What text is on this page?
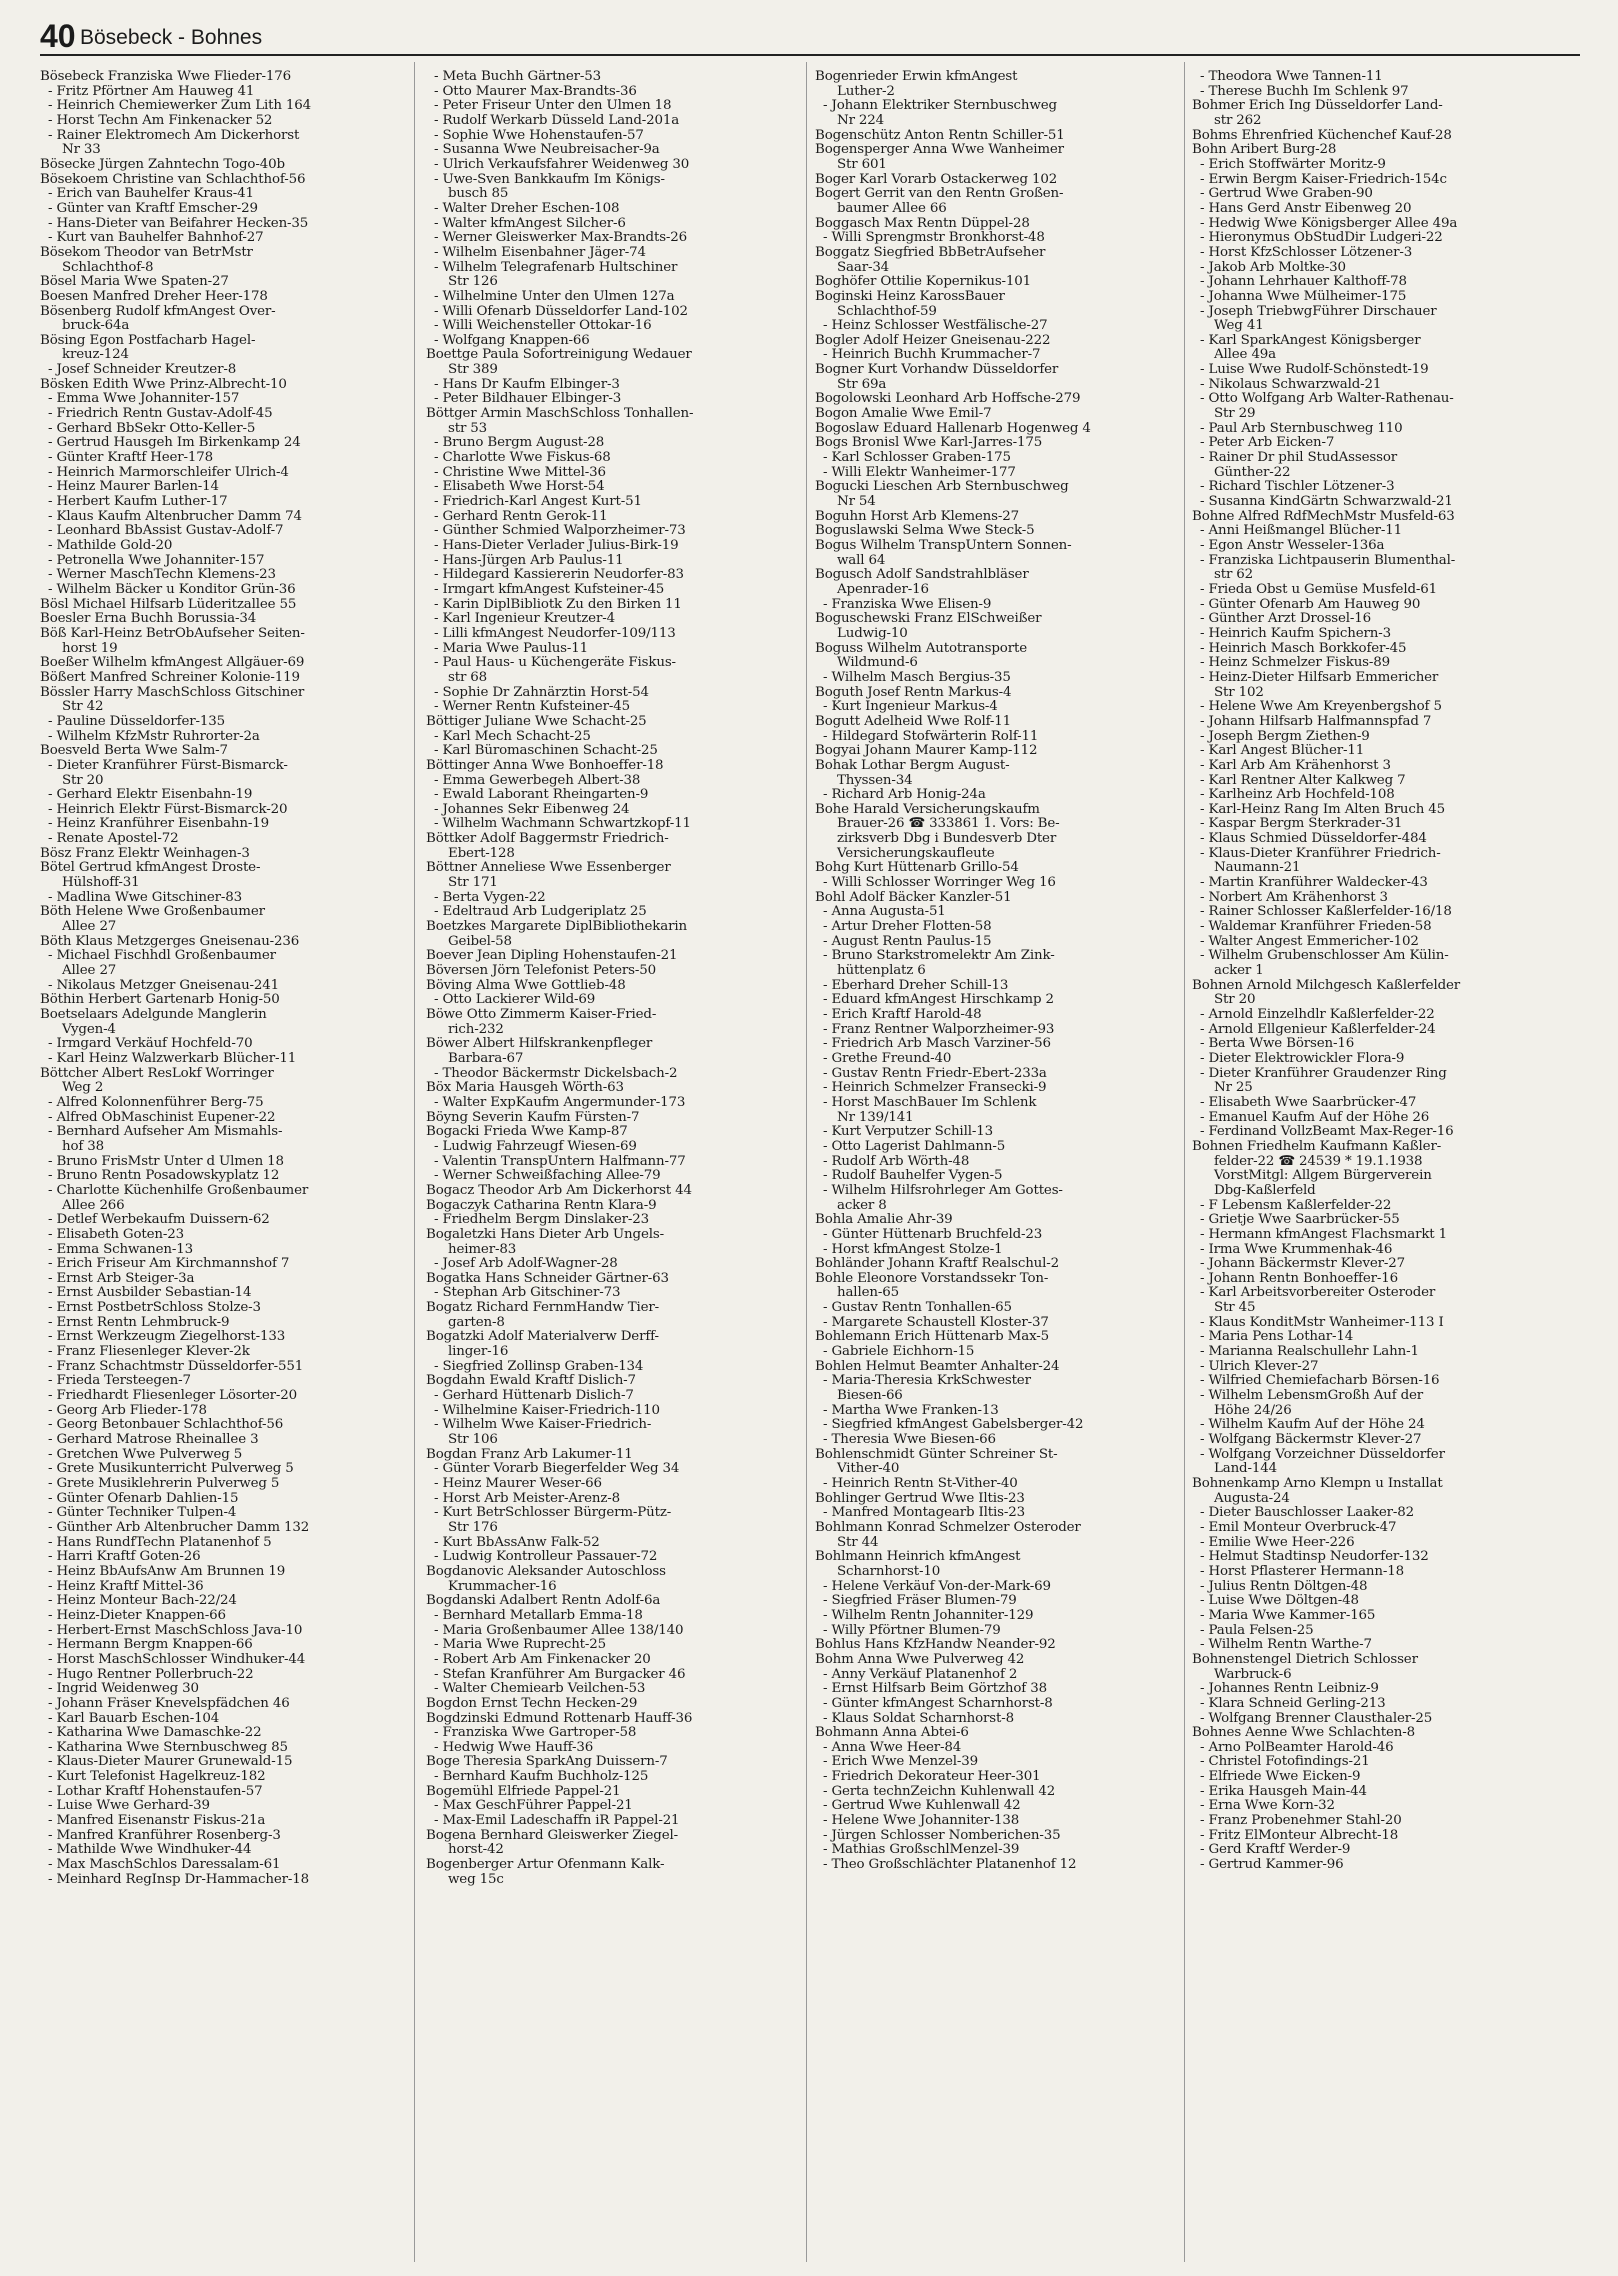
40 Bösebeck - Bohnes

Bösebeck Franziska Wwe Flieder-176

- Fritz Pförtner Am Hauweg 41

- Heinrich Chemiewerker Zum Lith 164

- Horst Techn Am Finkenacker 52

- Rainer Elektromech Am Dickerhorst

Nr 33

Bösecke Jürgen Zahntechn Togo-40b

Bösekoem Christine van Schlachthof-56

- Erich van Bauhelfer Kraus-41

- Günter van Kraftf Emscher-29

- Hans-Dieter van Beifahrer Hecken-35

- Kurt van Bauhelfer Bahnhof-27

Bösekom Theodor van BetrMstr

Schlachthof-8

Bösel Maria Wwe Spaten-27

Boesen Manfred Dreher Heer-178

Bösenberg Rudolf kfmAngest Over-

bruck-64a

Bösing Egon Postfacharb Hagel-

kreuz-124

- Josef Schneider Kreutzer-8

Bösken Edith Wwe Prinz-Albrecht-10

- Emma Wwe Johanniter-157

- Friedrich Rentn Gustav-Adolf-45

- Gerhard BbSekr Otto-Keller-5

- Gertrud Hausgeh Im Birkenkamp 24

- Günter Kraftf Heer-178

- Heinrich Marmorschleifer Ulrich-4

- Heinz Maurer Barlen-14

- Herbert Kaufm Luther-17

- Klaus Kaufm Altenbrucher Damm 74

- Leonhard BbAssist Gustav-Adolf-7

- Mathilde Gold-20

- Petronella Wwe Johanniter-157

- Werner MaschTechn Klemens-23

- Wilhelm Bäcker u Konditor Grün-36

Bösl Michael Hilfsarb Lüderitzallee 55

Boesler Erna Buchh Borussia-34

Böß Karl-Heinz BetrObAufseher Seiten-

horst 19

Boeßer Wilhelm kfmAngest Allgäuer-69

Bößert Manfred Schreiner Kolonie-119

Bössler Harry MaschSchloss Gitschiner

Str 42

- Pauline Düsseldorfer-135

- Wilhelm KfzMstr Ruhrorter-2a

Boesveld Berta Wwe Salm-7

- Dieter Kranführer Fürst-Bismarck-

Str 20

- Gerhard Elektr Eisenbahn-19

- Heinrich Elektr Fürst-Bismarck-20

- Heinz Kranführer Eisenbahn-19

- Renate Apostel-72

Bösz Franz Elektr Weinhagen-3

Bötel Gertrud kfmAngest Droste-

Hülshoff-31

- Madlina Wwe Gitschiner-83

Böth Helene Wwe Großenbaumer

Allee 27

Böth Klaus Metzgerges Gneisenau-236

- Michael Fischhdl Großenbaumer

Allee 27

- Nikolaus Metzger Gneisenau-241

Böthin Herbert Gartenarb Honig-50

Boetselaars Adelgunde Manglerin

Vygen-4

- Irmgard Verkäuf Hochfeld-70

- Karl Heinz Walzwerkarb Blücher-11

Böttcher Albert ResLokf Worringer

Weg 2

- Alfred Kolonnenführer Berg-75

- Alfred ObMaschinist Eupener-22

- Bernhard Aufseher Am Mismahls-

hof 38

- Bruno FrisMstr Unter d Ulmen 18

- Bruno Rentn Posadowskyplatz 12

- Charlotte Küchenhilfe Großenbaumer

Allee 266

- Detlef Werbekaufm Duissern-62

- Elisabeth Goten-23

- Emma Schwanen-13

- Erich Friseur Am Kirchmannshof 7

- Ernst Arb Steiger-3a

- Ernst Ausbilder Sebastian-14

- Ernst PostbetrSchloss Stolze-3

- Ernst Rentn Lehmbruck-9

- Ernst Werkzeugm Ziegelhorst-133

- Franz Fliesenleger Klever-2k

- Franz Schachtmstr Düsseldorfer-551

- Frieda Tersteegen-7

- Friedhardt Fliesenleger Lösorter-20

- Georg Arb Flieder-178

- Georg Betonbauer Schlachthof-56

- Gerhard Matrose Rheinallee 3

- Gretchen Wwe Pulverweg 5

- Grete Musikunterricht Pulverweg 5

- Grete Musiklehrerin Pulverweg 5

- Günter Ofenarb Dahlien-15

- Günter Techniker Tulpen-4

- Günther Arb Altenbrucher Damm 132

- Hans RundfTechn Platanenhof 5

- Harri Kraftf Goten-26

- Heinz BbAufsAnw Am Brunnen 19

- Heinz Kraftf Mittel-36

- Heinz Monteur Bach-22/24

- Heinz-Dieter Knappen-66

- Herbert-Ernst MaschSchloss Java-10

- Hermann Bergm Knappen-66

- Horst MaschSchlosser Windhuker-44

- Hugo Rentner Pollerbruch-22

- Ingrid Weidenweg 30

- Johann Fräser Knevelspfädchen 46

- Karl Bauarb Eschen-104

- Katharina Wwe Damaschke-22

- Katharina Wwe Sternbuschweg 85

- Klaus-Dieter Maurer Grunewald-15

- Kurt Telefonist Hagelkreuz-182

- Lothar Kraftf Hohenstaufen-57

- Luise Wwe Gerhard-39

- Manfred Eisenanstr Fiskus-21a

- Manfred Kranführer Rosenberg-3

- Mathilde Wwe Windhuker-44

- Max MaschSchlos Daressalam-61

- Meinhard RegInsp Dr-Hammacher-18

- Meta Buchh Gärtner-53

- Otto Maurer Max-Brandts-36

- Peter Friseur Unter den Ulmen 18

- Rudolf Werkarb Düsseld Land-201a

- Sophie Wwe Hohenstaufen-57

- Susanna Wwe Neubreisacher-9a

- Ulrich Verkaufsfahrer Weidenweg 30

- Uwe-Sven Bankkaufm Im Königs-

busch 85

- Walter Dreher Eschen-108

- Walter kfmAngest Silcher-6

- Werner Gleiswerker Max-Brandts-26

- Wilhelm Eisenbahner Jäger-74

- Wilhelm Telegrafenarb Hultschiner

Str 126

- Wilhelmine Unter den Ulmen 127a

- Willi Ofenarb Düsseldorfer Land-102

- Willi Weichensteller Ottokar-16

- Wolfgang Knappen-66

Boettge Paula Sofortreinigung Wedauer

Str 389

- Hans Dr Kaufm Elbinger-3

- Peter Bildhauer Elbinger-3

Böttger Armin MaschSchloss Tonhallen-

str 53

- Bruno Bergm August-28

- Charlotte Wwe Fiskus-68

- Christine Wwe Mittel-36

- Elisabeth Wwe Horst-54

- Friedrich-Karl Angest Kurt-51

- Gerhard Rentn Gerok-11

- Günther Schmied Walporzheimer-73

- Hans-Dieter Verlader Julius-Birk-19

- Hans-Jürgen Arb Paulus-11

- Hildegard Kassiererin Neudorfer-83

- Irmgart kfmAngest Kufsteiner-45

- Karin DiplBibliotk Zu den Birken 11

- Karl Ingenieur Kreutzer-4

- Lilli kfmAngest Neudorfer-109/113

- Maria Wwe Paulus-11

- Paul Haus- u Küchengeräte Fiskus-

str 68

- Sophie Dr Zahnärztin Horst-54

- Werner Rentn Kufsteiner-45

Böttiger Juliane Wwe Schacht-25

- Karl Mech Schacht-25

- Karl Büromaschinen Schacht-25

Böttinger Anna Wwe Bonhoeffer-18

- Emma Gewerbegeh Albert-38

- Ewald Laborant Rheingarten-9

- Johannes Sekr Eibenweg 24

- Wilhelm Wachmann Schwartzkopf-11

Böttker Adolf Baggermstr Friedrich-

Ebert-128

Böttner Anneliese Wwe Essenberger

Str 171

- Berta Vygen-22

- Edeltraud Arb Ludgeriplatz 25

Boetzkes Margarete DiplBibliothekarin

Geibel-58

Boever Jean Dipling Hohenstaufen-21

Böversen Jörn Telefonist Peters-50

Böving Alma Wwe Gottlieb-48

- Otto Lackierer Wild-69

Böwe Otto Zimmerm Kaiser-Fried-

rich-232

Böwer Albert Hilfskrankenpfleger

Barbara-67

- Theodor Bäckermstr Dickelsbach-2

Böx Maria Hausgeh Wörth-63

- Walter ExpKaufm Angermunder-173

Böyng Severin Kaufm Fürsten-7

Bogacki Frieda Wwe Kamp-87

- Ludwig Fahrzeugf Wiesen-69

- Valentin TranspUntern Halfmann-77

- Werner Schweißfaching Allee-79

Bogacz Theodor Arb Am Dickerhorst 44

Bogaczyk Catharina Rentn Klara-9

- Friedhelm Bergm Dinslaker-23

Bogaletzki Hans Dieter Arb Ungels-

heimer-83

- Josef Arb Adolf-Wagner-28

Bogatka Hans Schneider Gärtner-63

- Stephan Arb Gitschiner-73

Bogatz Richard FernmHandw Tier-

garten-8

Bogatzki Adolf Materialverw Derff-

linger-16

- Siegfried Zollinsp Graben-134

Bogdahn Ewald Kraftf Dislich-7

- Gerhard Hüttenarb Dislich-7

- Wilhelmine Kaiser-Friedrich-110

- Wilhelm Wwe Kaiser-Friedrich-

Str 106

Bogdan Franz Arb Lakumer-11

- Günter Vorarb Biegerfelder Weg 34

- Heinz Maurer Weser-66

- Horst Arb Meister-Arenz-8

- Kurt BetrSchlosser Bürgerm-Pütz-

Str 176

- Kurt BbAssAnw Falk-52

- Ludwig Kontrolleur Passauer-72

Bogdanovic Aleksander Autoschloss

Krummacher-16

Bogdanski Adalbert Rentn Adolf-6a

- Bernhard Metallarb Emma-18

- Maria Großenbaumer Allee 138/140

- Maria Wwe Ruprecht-25

- Robert Arb Am Finkenacker 20

- Stefan Kranführer Am Burgacker 46

- Walter Chemiearb Veilchen-53

Bogdon Ernst Techn Hecken-29

Bogdzinski Edmund Rottenarb Hauff-36

- Franziska Wwe Gartroper-58

- Hedwig Wwe Hauff-36

Boge Theresia SparkAng Duissern-7

- Bernhard Kaufm Buchholz-125

Bogemühl Elfriede Pappel-21

- Max GeschFührer Pappel-21

- Max-Emil Ladeschaffn iR Pappel-21

Bogena Bernhard Gleiswerker Ziegel-

horst-42

Bogenberger Artur Ofenmann Kalk-

weg 15c

Bogenrieder Erwin kfmAngest

Luther-2

- Johann Elektriker Sternbuschweg

Nr 224

Bogenschütz Anton Rentn Schiller-51

Bogensperger Anna Wwe Wanheimer

Str 601

Boger Karl Vorarb Ostackerweg 102

Bogert Gerrit van den Rentn Großen-

baumer Allee 66

Boggasch Max Rentn Düppel-28

- Willi Sprengmstr Bronkhorst-48

Boggatz Siegfried BbBetrAufseher

Saar-34

Boghöfer Ottilie Kopernikus-101

Boginski Heinz KarossBauer

Schlachthof-59

- Heinz Schlosser Westfälische-27

Bogler Adolf Heizer Gneisenau-222

- Heinrich Buchh Krummacher-7

Bogner Kurt Vorhandw Düsseldorfer

Str 69a

Bogolowski Leonhard Arb Hoffsche-279

Bogon Amalie Wwe Emil-7

Bogoslaw Eduard Hallenarb Hogenweg 4

Bogs Bronisl Wwe Karl-Jarres-175

- Karl Schlosser Graben-175

- Willi Elektr Wanheimer-177

Bogucki Lieschen Arb Sternbuschweg

Nr 54

Boguhn Horst Arb Klemens-27

Boguslawski Selma Wwe Steck-5

Bogus Wilhelm TranspUntern Sonnen-

wall 64

Bogusch Adolf Sandstrahlbläser

Apenrader-16

- Franziska Wwe Elisen-9

Boguschewski Franz ElSchweißer

Ludwig-10

Boguss Wilhelm Autotransporte

Wildmund-6

- Wilhelm Masch Bergius-35

Boguth Josef Rentn Markus-4

- Kurt Ingenieur Markus-4

Bogutt Adelheid Wwe Rolf-11

- Hildegard Stofwärterin Rolf-11

Bogyai Johann Maurer Kamp-112

Bohak Lothar Bergm August-

Thyssen-34

- Richard Arb Honig-24a

Bohe Harald Versicherungskaufm

Brauer-26 ☎ 333861 1. Vors: Be-

zirksverb Dbg i Bundesverb Dter

Versicherungskaufleute

Bohg Kurt Hüttenarb Grillo-54

- Willi Schlosser Worringer Weg 16

Bohl Adolf Bäcker Kanzler-51

- Anna Augusta-51

- Artur Dreher Flotten-58

- August Rentn Paulus-15

- Bruno Starkstromelektr Am Zink-

hüttenplatz 6

- Eberhard Dreher Schill-13

- Eduard kfmAngest Hirschkamp 2

- Erich Kraftf Harold-48

- Franz Rentner Walporzheimer-93

- Friedrich Arb Masch Varziner-56

- Grethe Freund-40

- Gustav Rentn Friedr-Ebert-233a

- Heinrich Schmelzer Fransecki-9

- Horst MaschBauer Im Schlenk

Nr 139/141

- Kurt Verputzer Schill-13

- Otto Lagerist Dahlmann-5

- Rudolf Arb Wörth-48

- Rudolf Bauhelfer Vygen-5

- Wilhelm Hilfsrohrleger Am Gottes-

acker 8

Bohla Amalie Ahr-39

- Günter Hüttenarb Bruchfeld-23

- Horst kfmAngest Stolze-1

Bohländer Johann Kraftf Realschul-2

Bohle Eleonore Vorstandssekr Ton-

hallen-65

- Gustav Rentn Tonhallen-65

- Margarete Schaustell Kloster-37

Bohlemann Erich Hüttenarb Max-5

- Gabriele Eichhorn-15

Bohlen Helmut Beamter Anhalter-24

- Maria-Theresia KrkSchwester

Biesen-66

- Martha Wwe Franken-13

- Siegfried kfmAngest Gabelsberger-42

- Theresia Wwe Biesen-66

Bohlenschmidt Günter Schreiner St-

Vither-40

- Heinrich Rentn St-Vither-40

Bohlinger Gertrud Wwe Iltis-23

- Manfred Montagearb Iltis-23

Bohlmann Konrad Schmelzer Osteroder

Str 44

Bohlmann Heinrich kfmAngest

Scharnhorst-10

- Helene Verkäuf Von-der-Mark-69

- Siegfried Fräser Blumen-79

- Wilhelm Rentn Johanniter-129

- Willy Pförtner Blumen-79

Bohlus Hans KfzHandw Neander-92

Bohm Anna Wwe Pulverweg 42

- Anny Verkäuf Platanenhof 2

- Ernst Hilfsarb Beim Görtzhof 38

- Günter kfmAngest Scharnhorst-8

- Klaus Soldat Scharnhorst-8

Bohmann Anna Abtei-6

- Anna Wwe Heer-84

- Erich Wwe Menzel-39

- Friedrich Dekorateur Heer-301

- Gerta technZeichn Kuhlenwall 42

- Gertrud Wwe Kuhlenwall 42

- Helene Wwe Johanniter-138

- Jürgen Schlosser Nomberichen-35

- Mathias GroßschlMenzel-39

- Theo Großschlächter Platanenhof 12

- Theodora Wwe Tannen-11

- Therese Buchh Im Schlenk 97

Bohmer Erich Ing Düsseldorfer Land-

str 262

Bohms Ehrenfried Küchenchef Kauf-28

Bohn Aribert Burg-28

- Erich Stoffwärter Moritz-9

- Erwin Bergm Kaiser-Friedrich-154c

- Gertrud Wwe Graben-90

- Hans Gerd Anstr Eibenweg 20

- Hedwig Wwe Königsberger Allee 49a

- Hieronymus ObStudDir Ludgeri-22

- Horst KfzSchlosser Lötzener-3

- Jakob Arb Moltke-30

- Johann Lehrhauer Kalthoff-78

- Johanna Wwe Mülheimer-175

- Joseph TriebwgFührer Dirschauer

Weg 41

- Karl SparkAngest Königsberger

Allee 49a

- Luise Wwe Rudolf-Schönstedt-19

- Nikolaus Schwarzwald-21

- Otto Wolfgang Arb Walter-Rathenau-

Str 29

- Paul Arb Sternbuschweg 110

- Peter Arb Eicken-7

- Rainer Dr phil StudAssessor

Günther-22

- Richard Tischler Lötzener-3

- Susanna KindGärtn Schwarzwald-21

Bohne Alfred RdfMechMstr Musfeld-63

- Anni Heißmangel Blücher-11

- Egon Anstr Wesseler-136a

- Franziska Lichtpauserin Blumenthal-

str 62

- Frieda Obst u Gemüse Musfeld-61

- Günter Ofenarb Am Hauweg 90

- Günther Arzt Drossel-16

- Heinrich Kaufm Spichern-3

- Heinrich Masch Borkkofer-45

- Heinz Schmelzer Fiskus-89

- Heinz-Dieter Hilfsarb Emmericher

Str 102

- Helene Wwe Am Kreyenbergshof 5

- Johann Hilfsarb Halfmannspfad 7

- Joseph Bergm Ziethen-9

- Karl Angest Blücher-11

- Karl Arb Am Krähenhorst 3

- Karl Rentner Alter Kalkweg 7

- Karlheinz Arb Hochfeld-108

- Karl-Heinz Rang Im Alten Bruch 45

- Kaspar Bergm Sterkrader-31

- Klaus Schmied Düsseldorfer-484

- Klaus-Dieter Kranführer Friedrich-

Naumann-21

- Martin Kranführer Waldecker-43

- Norbert Am Krähenhorst 3

- Rainer Schlosser Kaßlerfelder-16/18

- Waldemar Kranführer Frieden-58

- Walter Angest Emmericher-102

- Wilhelm Grubenschlosser Am Külin-

acker 1

Bohnen Arnold Milchgesch Kaßlerfelder

Str 20

- Arnold Einzelhdlr Kaßlerfelder-22

- Arnold Ellgenieur Kaßlerfelder-24

- Berta Wwe Börsen-16

- Dieter Elektrowickler Flora-9

- Dieter Kranführer Graudenzer Ring

Nr 25

- Elisabeth Wwe Saarbrücker-47

- Emanuel Kaufm Auf der Höhe 26

- Ferdinand VollzBeamt Max-Reger-16

Bohnen Friedhelm Kaufmann Kaßler-

felder-22 ☎ 24539 * 19.1.1938

VorstMitgl: Allgem Bürgerverein

Dbg-Kaßlerfeld

- F Lebensm Kaßlerfelder-22

- Grietje Wwe Saarbrücker-55

- Hermann kfmAngest Flachsmarkt 1

- Irma Wwe Krummenhak-46

- Johann Bäckermstr Klever-27

- Johann Rentn Bonhoeffer-16

- Karl Arbeitsvorbereiter Osteroder

Str 45

- Klaus KonditMstr Wanheimer-113 I

- Maria Pens Lothar-14

- Marianna Realschullehr Lahn-1

- Ulrich Klever-27

- Wilfried Chemiefacharb Börsen-16

- Wilhelm LebensmGroßh Auf der

Höhe 24/26

- Wilhelm Kaufm Auf der Höhe 24

- Wolfgang Bäckermstr Klever-27

- Wolfgang Vorzeichner Düsseldorfer

Land-144

Bohnenkamp Arno Klempn u Installat

Augusta-24

- Dieter Bauschlosser Laaker-82

- Emil Monteur Overbruck-47

- Emilie Wwe Heer-226

- Helmut Stadtinsp Neudorfer-132

- Horst Pflasterer Hermann-18

- Julius Rentn Döltgen-48

- Luise Wwe Döltgen-48

- Maria Wwe Kammer-165

- Paula Felsen-25

- Wilhelm Rentn Warthe-7

Bohnenstengel Dietrich Schlosser

Warbruck-6

- Johannes Rentn Leibniz-9

- Klara Schneid Gerling-213

- Wolfgang Brenner Clausthaler-25

Bohnes Aenne Wwe Schlachten-8

- Arno PolBeamter Harold-46

- Christel Fotofindings-21

- Elfriede Wwe Eicken-9

- Erika Hausgeh Main-44

- Erna Wwe Korn-32

- Franz Probenehmer Stahl-20

- Fritz ElMonteur Albrecht-18

- Gerd Kraftf Werder-9

- Gertrud Kammer-96
